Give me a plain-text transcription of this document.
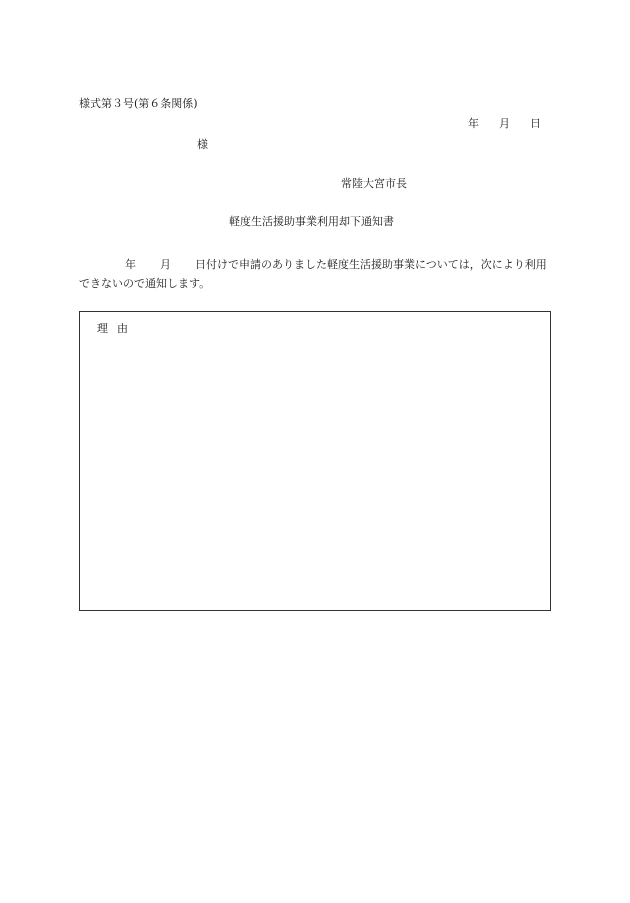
様式第３号(第６条関係)
年 月 日
様
常陸大宮市長
軽度生活援助事業利用却下通知書
年 月 日付けで申請のありました軽度生活援助事業については，次により利用できないので通知します。
理由
